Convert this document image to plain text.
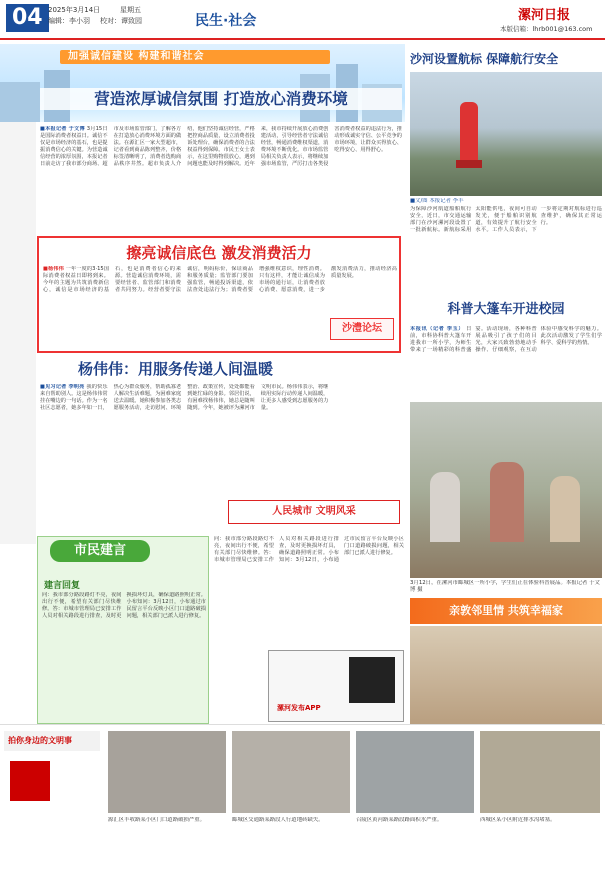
04 2025年3月14日	星期五
编辑：李小羽 校对：谭致园	民生·社会	漯河日报
本版信箱：lhrb001@163.com
加强诚信建设 构建和谐社会
营造浓厚诚信氛围 打造放心消费环境
■本报记者 于文博 3月15日是国际消费者权益日。诚信不仅是市场经济的基石，也是提振消费信心的关键。为营造诚信经营的浓厚氛围，本报记者日前走访了我市部分商场、超市及市场监管部门，了解各方在打造放心消费环境方面的做法。在源汇区一家大型超市，记者看到商品陈列整齐，价格标签清晰明了，消费者选购商品秩序井然。超市负责人介绍，他们坚持诚信经营，严格把控商品质量，设立消费者投诉处理台，确保消费者的合法权益得到保障。市民王女士表示，在这里购物很放心，遇到问题也能及时得到解决。近年来，我市持续开展放心消费创建活动，引导经营者守法诚信经营，畅通消费维权渠道，消费环境不断优化。市市场监管局相关负责人表示，将继续加强市场监管，严厉打击各类侵害消费者权益的违法行为，推动形成诚实守信、公平竞争的市场环境，让群众买得放心、吃得安心、用得舒心。
擦亮诚信底色 激发消费活力
■杨伟伟 一年一度的3·15国际消费者权益日即将到来。今年的主题为共筑消费新信心，诚信是市场经济的基石，也是消费者信心的来源。营造诚信消费环境，需要经营者、监管部门和消费者共同努力。经营者要守法诚信，明码标价，保证商品和服务质量；监管部门要加强监管，畅通投诉渠道，依法查处违法行为；消费者要增强维权意识，理性消费。只有这样，才能让诚信成为市场的通行证，让消费者放心消费、愿意消费，进一步激发消费活力，推动经济高质量发展。
沙澧论坛
杨伟伟：用服务传递人间温暖
■见习记者 李明亮 我的快乐来自帮助别人。这是杨伟伟常挂在嘴边的一句话。作为一名社区志愿者，她多年如一日，热心为群众服务，帮助孤寡老人解决生活难题，为困难家庭送去温暖。她积极参加各类志愿服务活动，走访慰问、环境整治、政策宣传，处处都能看到她忙碌的身影。邻居们说，有困难找杨伟伟，她总是随叫随到。今年，她被评为漯河市文明市民。杨伟伟表示，将继续用实际行动传递人间温暖，让更多人感受到志愿服务的力量。
人民城市 文明风采
沙河设置航标 保障航行安全
■文/图 本报记者 李丰
为保障沙河航道船舶航行安全，近日，市交通运输部门在沙河漯河段设置了一批新航标。新航标采用太阳能供电，夜间可自动发光，便于船舶识别航道，有效提升了航行安全水平。工作人员表示，下一步将定期对航标进行巡查维护，确保其正常运行。
科普大篷车开进校园
本报讯（记者 李玉） 日前，市科协科普大篷车开进我市一所小学，为师生带来了一场精彩的科普盛宴。活动现场，各种科普展品吸引了孩子们的目光，大家兴致勃勃地动手操作、仔细观察，在互动体验中感受科学的魅力。此次活动激发了学生们学科学、爱科学的热情。
3月12日，在漯河市郾城区一所小学，学生们正在体验科普展品。本报记者 于文博 摄
亲敦邻里情 共筑幸福家
市民建言
建言回复
问：我市部分路段路灯不亮，夜间出行不便，希望有关部门尽快维修。答：市城市管理局已安排工作人员对相关路段进行排查，及时更换损坏灯具，确保道路照明正常。小布知问：3月12日，小布通过市民留言平台反映小区门口道路破损问题，相关部门已派人进行修复。
问：我市部分路段路灯不亮，夜间出行不便，希望有关部门尽快维修。答：市城市管理局已安排工作人员对相关路段进行排查，及时更换损坏灯具，确保道路照明正常。小布知问：3月12日，小布通过市民留言平台反映小区门口道路破损问题，相关部门已派人进行修复。
漯河发布APP
拍你身边的文明事
源汇区丰收路某小区门口道路破损严重。	郾城区交通路某路段人行道地砖缺失。	召陵区黄河路某路段路面积水严重。	西城区某小区附近排水沟堵塞。
